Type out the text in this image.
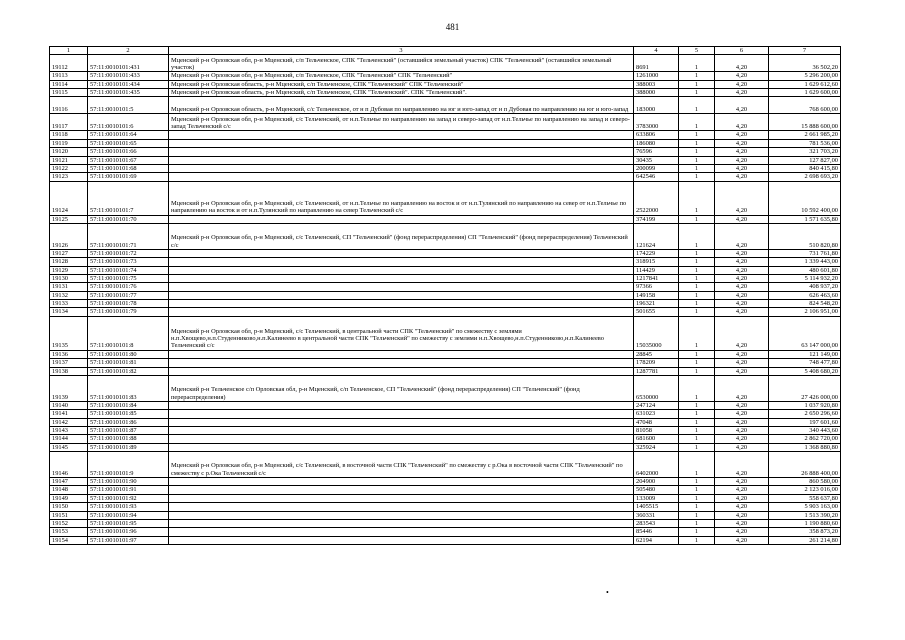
481
1	2	3	4	5	6	7
19112	57:11:0010101:431	Мценский р-н Орловская обл, р-н Мценский, с/п Тельченское, СПК "Тельченский" (оставшийся земельный участок) СПК "Тельченский" (оставшийся земельный участок)	8691	1	4,20	36 502,20
19113	57:11:0010101:433	Мценский р-н Орловская обл, р-н Мценский, с/п Тельченское, СПК "Тельченский" СПК "Тельченский"	1261000	1	4,20	5 296 200,00
19114	57:11:0010101:434	Мценский р-н Орловская область, р-н Мценский, с/п Тельченское, СПК "Тельченский" СПК "Тельченский"	388003	1	4,20	1 629 612,60
19115	57:11:0010101:435	Мценский р-н Орловская область, р-н Мценский, с/п Тельченское, СПК "Тельченский". СПК "Тельченский".	388000	1	4,20	1 629 600,00
19116	57:11:0010101:5	Мценский р-н Орловская область, р-н Мценский, с/с Тельченское, от н п Дубовая по направлению на юг и юго-запад от н п Дубовая по направлению на юг и юго-запад	183000	1	4,20	768 600,00
19117	57:11:0010101:6	Мценский р-н Орловская обл, р-н Мценский, с/с Тельченский, от н.п.Тельчье по направлению на запад и северо-запад от н.п.Тельчье по направлению на запад и северо-запад Тельченский с/с	3783000	1	4,20	15 888 600,00
19118	57:11:0010101:64		633806	1	4,20	2 661 985,20
19119	57:11:0010101:65		186080	1	4,20	781 536,00
19120	57:11:0010101:66		76596	1	4,20	321 703,20
19121	57:11:0010101:67		30435	1	4,20	127 827,00
19122	57:11:0010101:68		200099	1	4,20	840 415,80
19123	57:11:0010101:69		642546	1	4,20	2 698 693,20
19124	57:11:0010101:7	Мценский р-н Орловская обл, р-н Мценский, с/с Тельченский, от н.п.Тельчье по направлению на восток и от н.п.Тулянский по направлению на север от н.п.Тельчье по направлению на восток и от н.п.Тулянский по направлению на север Тельченский с/с	2522000	1	4,20	10 592 400,00
19125	57:11:0010101:70		374199	1	4,20	1 571 635,80
19126	57:11:0010101:71	Мценский р-н Орловская обл, р-н Мценский, с/с Тельченский, СП "Тельченский" (фонд перераспределения) СП "Тельченский" (фонд перераспределения) Тельченский с/с	121624	1	4,20	510 820,80
19127	57:11:0010101:72		174229	1	4,20	731 761,80
19128	57:11:0010101:73		318915	1	4,20	1 339 443,00
19129	57:11:0010101:74		114429	1	4,20	480 601,80
19130	57:11:0010101:75		1217841	1	4,20	5 114 932,20
19131	57:11:0010101:76		97366	1	4,20	408 937,20
19132	57:11:0010101:77		149158	1	4,20	626 463,60
19133	57:11:0010101:78		196321	1	4,20	824 548,20
19134	57:11:0010101:79		501655	1	4,20	2 106 951,00
19135	57:11:0010101:8	Мценский р-н Орловская обл, р-н Мценский, с/с Тельченский, в центральной части СПК "Тельченский" по смежеству с землями н.п.Хвощево,н.п.Студенниково,н.п.Калинеево в центральной части СПК "Тельченский" по смежеству с землями н.п.Хвощево,н.п.Студенниково,н.п.Калинеево Тельченский с/с	15035000	1	4,20	63 147 000,00
19136	57:11:0010101:80		28845	1	4,20	121 149,00
19137	57:11:0010101:81		178209	1	4,20	748 477,80
19138	57:11:0010101:82		1287781	1	4,20	5 408 680,20
19139	57:11:0010101:83	Мценский р-н Тельченское с/п Орловская обл, р-н Мценский, с/п Тельченское, СП "Тельченский" (фонд перераспределения) СП "Тельченский" (фонд перераспределения)	6530000	1	4,20	27 426 000,00
19140	57:11:0010101:84		247124	1	4,20	1 037 920,80
19141	57:11:0010101:85		631023	1	4,20	2 650 296,60
19142	57:11:0010101:86		47048	1	4,20	197 601,60
19143	57:11:0010101:87		81058	1	4,20	340 443,60
19144	57:11:0010101:88		681600	1	4,20	2 862 720,00
19145	57:11:0010101:89		325924	1	4,20	1 368 880,80
19146	57:11:0010101:9	Мценский р-н Орловская обл, р-н Мценский, с/с Тельченский, в восточной части СПК "Тельченский" по смежеству с р.Ока в восточной части СПК "Тельченский" по смежеству с р.Ока Тельченский с/с	6402000	1	4,20	26 888 400,00
19147	57:11:0010101:90		204900	1	4,20	860 580,00
19148	57:11:0010101:91		505480	1	4,20	2 123 016,00
19149	57:11:0010101:92		133009	1	4,20	558 637,80
19150	57:11:0010101:93		1405515	1	4,20	5 903 163,00
19151	57:11:0010101:94		360331	1	4,20	1 513 390,20
19152	57:11:0010101:95		283543	1	4,20	1 190 880,60
19153	57:11:0010101:96		85446	1	4,20	358 873,20
19154	57:11:0010101:97		62194	1	4,20	261 214,80
•
